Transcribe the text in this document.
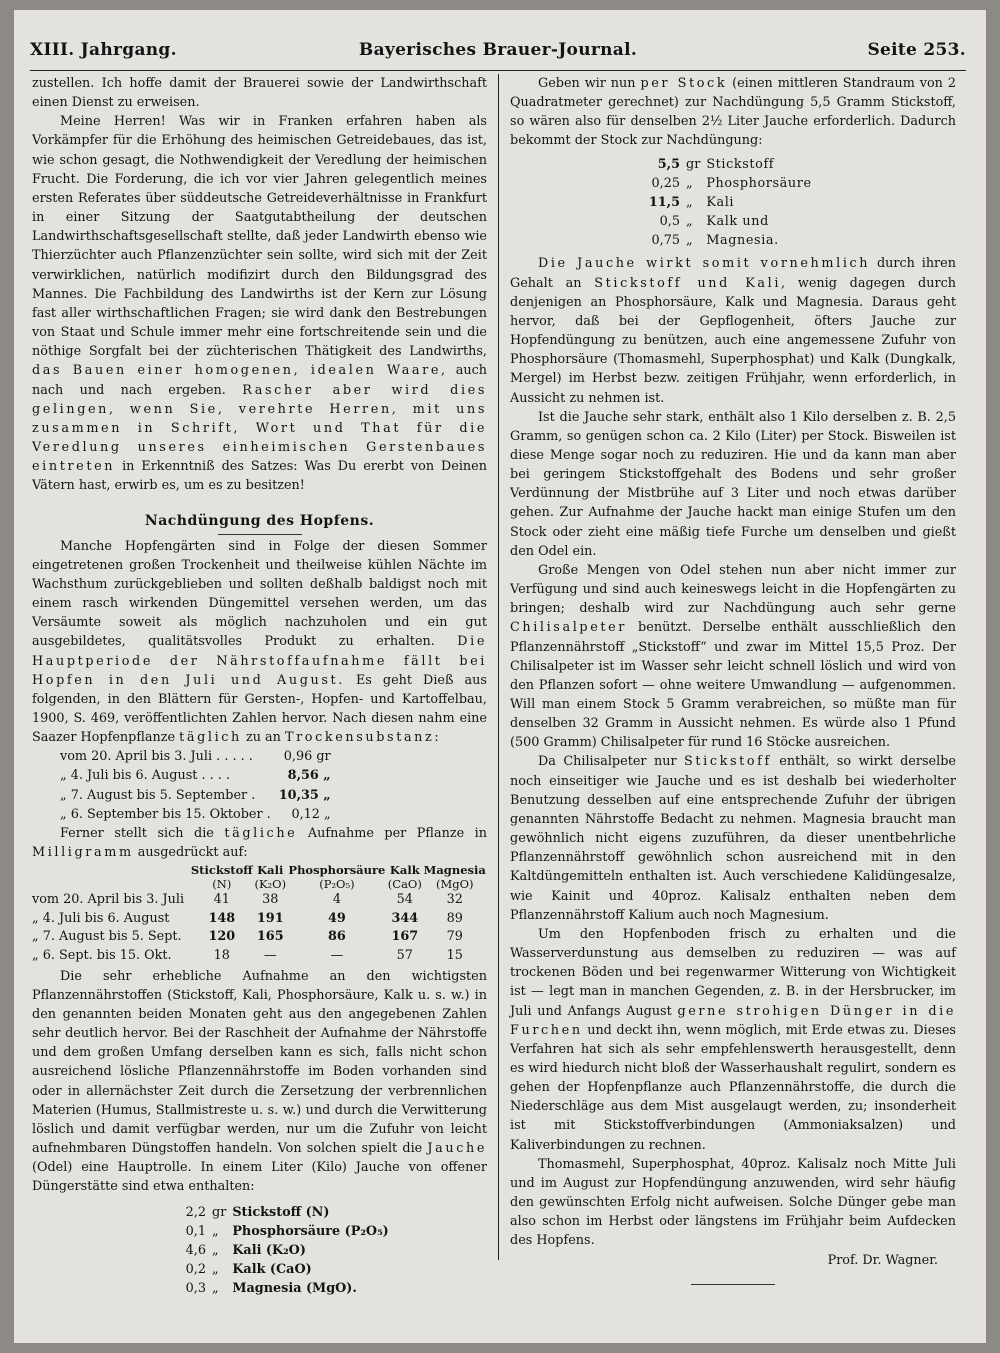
XIII. Jahrgang.	Bayerisches Brauer-Journal.	Seite 253.

zustellen. Ich hoffe damit der Brauerei sowie der Landwirthschaft einen Dienst zu erweisen.

Meine Herren! Was wir in Franken erfahren haben als Vorkämpfer für die Erhöhung des heimischen Getreidebaues, das ist, wie schon gesagt, die Nothwendigkeit der Veredlung der heimischen Frucht. Die Forderung, die ich vor vier Jahren gelegentlich meines ersten Referates über süddeutsche Getreideverhältnisse in Frankfurt in einer Sitzung der Saatgutabtheilung der deutschen Landwirthschaftsgesellschaft stellte, daß jeder Landwirth ebenso wie Thierzüchter auch Pflanzenzüchter sein sollte, wird sich mit der Zeit verwirklichen, natürlich modifizirt durch den Bildungsgrad des Mannes. Die Fachbildung des Landwirths ist der Kern zur Lösung fast aller wirthschaftlichen Fragen; sie wird dank den Bestrebungen von Staat und Schule immer mehr eine fortschreitende sein und die nöthige Sorgfalt bei der züchterischen Thätigkeit des Landwirths, das Bauen einer homogenen, idealen Waare, auch nach und nach ergeben. Rascher aber wird dies gelingen, wenn Sie, verehrte Herren, mit uns zusammen in Schrift, Wort und That für die Veredlung unseres einheimischen Gerstenbaues eintreten in Erkenntniß des Satzes: Was Du ererbt von Deinen Vätern hast, erwirb es, um es zu besitzen!

Nachdüngung des Hopfens.

Manche Hopfengärten sind in Folge der diesen Sommer eingetretenen großen Trockenheit und theilweise kühlen Nächte im Wachsthum zurückgeblieben und sollten deßhalb baldigst noch mit einem rasch wirkenden Düngemittel versehen werden, um das Versäumte soweit als möglich nachzuholen und ein gut ausgebildetes, qualitätsvolles Produkt zu erhalten. Die Hauptperiode der Nährstoffaufnahme fällt bei Hopfen in den Juli und August. Es geht Dieß aus folgenden, in den Blättern für Gersten-, Hopfen- und Kartoffelbau, 1900, S. 469, veröffentlichten Zahlen hervor. Nach diesen nahm eine Saazer Hopfenpflanze täglich zu an Trockensubstanz:

vom 20. April bis 3. Juli . . . . .	0,96 gr
„ 4. Juli bis 6. August . . . .	8,56 „
„ 7. August bis 5. September .	10,35 „
„ 6. September bis 15. Oktober .	0,12 „

Ferner stellt sich die tägliche Aufnahme per Pflanze in Milligramm ausgedrückt auf:

	Stickstoff	Kali	Phosphorsäure	Kalk	Magnesia
	(N)	(K₂O)	(P₂O₅)	(CaO)	(MgO)
vom 20. April bis 3. Juli	41	38	4	54	32
„ 4. Juli bis 6. August	148	191	49	344	89
„ 7. August bis 5. Sept.	120	165	86	167	79
„ 6. Sept. bis 15. Okt.	18	—	—	57	15

Die sehr erhebliche Aufnahme an den wichtigsten Pflanzennährstoffen (Stickstoff, Kali, Phosphorsäure, Kalk u. s. w.) in den genannten beiden Monaten geht aus den angegebenen Zahlen sehr deutlich hervor. Bei der Raschheit der Aufnahme der Nährstoffe und dem großen Umfang derselben kann es sich, falls nicht schon ausreichend lösliche Pflanzennährstoffe im Boden vorhanden sind oder in allernächster Zeit durch die Zersetzung der verbrennlichen Materien (Humus, Stallmistreste u. s. w.) und durch die Verwitterung löslich und damit verfügbar werden, nur um die Zufuhr von leicht aufnehmbaren Düngstoffen handeln. Von solchen spielt die Jauche (Odel) eine Hauptrolle. In einem Liter (Kilo) Jauche von offener Düngerstätte sind etwa enthalten:

2,2	gr	Stickstoff (N)
0,1	„	Phosphorsäure (P₂O₅)
4,6	„	Kali (K₂O)
0,2	„	Kalk (CaO)
0,3	„	Magnesia (MgO).

Geben wir nun per Stock (einen mittleren Standraum von 2 Quadratmeter gerechnet) zur Nachdüngung 5,5 Gramm Stickstoff, so wären also für denselben 2½ Liter Jauche erforderlich. Dadurch bekommt der Stock zur Nachdüngung:

5,5	gr	Stickstoff
0,25	„	Phosphorsäure
11,5	„	Kali
0,5	„	Kalk und
0,75	„	Magnesia.

Die Jauche wirkt somit vornehmlich durch ihren Gehalt an Stickstoff und Kali, wenig dagegen durch denjenigen an Phosphorsäure, Kalk und Magnesia. Daraus geht hervor, daß bei der Gepflogenheit, öfters Jauche zur Hopfendüngung zu benützen, auch eine angemessene Zufuhr von Phosphorsäure (Thomasmehl, Superphosphat) und Kalk (Dungkalk, Mergel) im Herbst bezw. zeitigen Frühjahr, wenn erforderlich, in Aussicht zu nehmen ist.

Ist die Jauche sehr stark, enthält also 1 Kilo derselben z. B. 2,5 Gramm, so genügen schon ca. 2 Kilo (Liter) per Stock. Bisweilen ist diese Menge sogar noch zu reduziren. Hie und da kann man aber bei geringem Stickstoffgehalt des Bodens und sehr großer Verdünnung der Mistbrühe auf 3 Liter und noch etwas darüber gehen. Zur Aufnahme der Jauche hackt man einige Stufen um den Stock oder zieht eine mäßig tiefe Furche um denselben und gießt den Odel ein.

Große Mengen von Odel stehen nun aber nicht immer zur Verfügung und sind auch keineswegs leicht in die Hopfengärten zu bringen; deshalb wird zur Nachdüngung auch sehr gerne Chilisalpeter benützt. Derselbe enthält ausschließlich den Pflanzennährstoff „Stickstoff“ und zwar im Mittel 15,5 Proz. Der Chilisalpeter ist im Wasser sehr leicht schnell löslich und wird von den Pflanzen sofort — ohne weitere Umwandlung — aufgenommen. Will man einem Stock 5 Gramm verabreichen, so müßte man für denselben 32 Gramm in Aussicht nehmen. Es würde also 1 Pfund (500 Gramm) Chilisalpeter für rund 16 Stöcke ausreichen.

Da Chilisalpeter nur Stickstoff enthält, so wirkt derselbe noch einseitiger wie Jauche und es ist deshalb bei wiederholter Benutzung desselben auf eine entsprechende Zufuhr der übrigen genannten Nährstoffe Bedacht zu nehmen. Magnesia braucht man gewöhnlich nicht eigens zuzuführen, da dieser unentbehrliche Pflanzennährstoff gewöhnlich schon ausreichend mit in den Kaltdüngemitteln enthalten ist. Auch verschiedene Kalidüngesalze, wie Kainit und 40proz. Kalisalz enthalten neben dem Pflanzennährstoff Kalium auch noch Magnesium.

Um den Hopfenboden frisch zu erhalten und die Wasserverdunstung aus demselben zu reduziren — was auf trockenen Böden und bei regenwarmer Witterung von Wichtigkeit ist — legt man in manchen Gegenden, z. B. in der Hersbrucker, im Juli und Anfangs August gerne strohigen Dünger in die Furchen und deckt ihn, wenn möglich, mit Erde etwas zu. Dieses Verfahren hat sich als sehr empfehlenswerth herausgestellt, denn es wird hiedurch nicht bloß der Wasserhaushalt regulirt, sondern es gehen der Hopfenpflanze auch Pflanzennährstoffe, die durch die Niederschläge aus dem Mist ausgelaugt werden, zu; insonderheit ist mit Stickstoffverbindungen (Ammoniaksalzen) und Kaliverbindungen zu rechnen.

Thomasmehl, Superphosphat, 40proz. Kalisalz noch Mitte Juli und im August zur Hopfendüngung anzuwenden, wird sehr häufig den gewünschten Erfolg nicht aufweisen. Solche Dünger gebe man also schon im Herbst oder längstens im Frühjahr beim Aufdecken des Hopfens.

Prof. Dr. Wagner.
